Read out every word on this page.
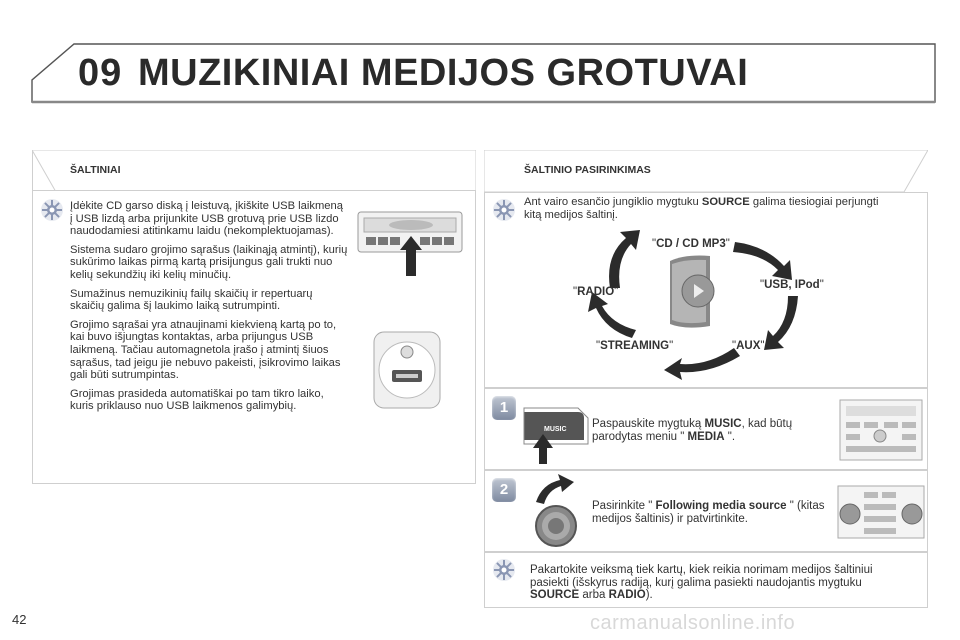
09 MUZIKINIAI MEDIJOS GROTUVAI
ŠALTINIAI

Įdėkite CD garso diską į leistuvą, įkiškite USB laikmeną į USB lizdą arba prijunkite USB grotuvą prie USB lizdo naudodamiesi atitinkamu laidu (nekomplektuojamas).

Sistema sudaro grojimo sąrašus (laikinąją atmintį), kurių sukūrimo laikas pirmą kartą prisijungus gali trukti nuo kelių sekundžių iki kelių minučių.

Sumažinus nemuzikinių failų skaičių ir repertuarų skaičių galima šį laukimo laiką sutrumpinti.

Grojimo sąrašai yra atnaujinami kiekvieną kartą po to, kai buvo išjungtas kontaktas, arba prijungus USB laikmeną. Tačiau automagnetola įrašo į atmintį šiuos sąrašus, tad jeigu jie nebuvo pakeisti, įsikrovimo laikas gali būti sutrumpintas.

Grojimas prasideda automatiškai po tam tikro laiko, kuris priklauso nuo USB laikmenos galimybių.

ŠALTINIO PASIRINKIMAS
Ant vairo esančio jungiklio mygtuku SOURCE galima tiesiogiai perjungti kitą medijos šaltinį.
"CD / CD MP3"
"USB, IPod"
"AUX"
"STREAMING"
"RADIO"
1
MUSIC Paspauskite mygtuką MUSIC, kad būtų parodytas meniu " MEDIA ".
2
Pasirinkite " Following media source " (kitas medijos šaltinis) ir patvirtinkite.
Pakartokite veiksmą tiek kartų, kiek reikia norimam medijos šaltiniui pasiekti (išskyrus radiją, kurį galima pasiekti naudojantis mygtuku SOURCE arba RADIO).
42	carmanualsonline.info
